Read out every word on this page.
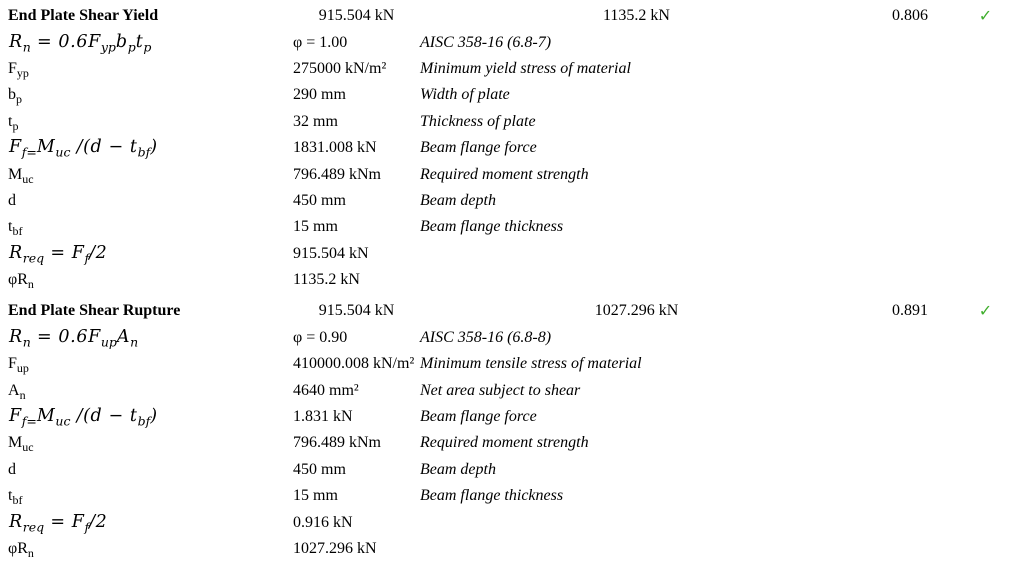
End Plate Shear Yield	915.504 kN	1135.2 kN	0.806	✓
$R_n = 0.6F_{yp}b_pt_p$	φ = 1.00	AISC 358-16 (6.8-7)
$F_{yp}$	275000 kN/m²	Minimum yield stress of material
$b_p$	290 mm	Width of plate
$t_p$	32 mm	Thickness of plate
$F_{f=}M_{uc}$ $/(d - t_{bf})$	1831.008 kN	Beam flange force
$M_{uc}$	796.489 kNm	Required moment strength
d	450 mm	Beam depth
$t_{bf}$	15 mm	Beam flange thickness
$R_{req} = F_f/2$	915.504 kN
$\varphi R_n$	1135.2 kN
End Plate Shear Rupture	915.504 kN	1027.296 kN	0.891	✓
$R_n = 0.6F_{up}A_n$	φ = 0.90	AISC 358-16 (6.8-8)
$F_{up}$	410000.008 kN/m² Minimum tensile stress of material
$A_n$	4640 mm²	Net area subject to shear
$F_{f=}M_{uc}$ $/(d - t_{bf})$	1.831 kN	Beam flange force
$M_{uc}$	796.489 kNm	Required moment strength
d	450 mm	Beam depth
$t_{bf}$	15 mm	Beam flange thickness
$R_{req} = F_f/2$	0.916 kN
$\varphi R_n$	1027.296 kN
